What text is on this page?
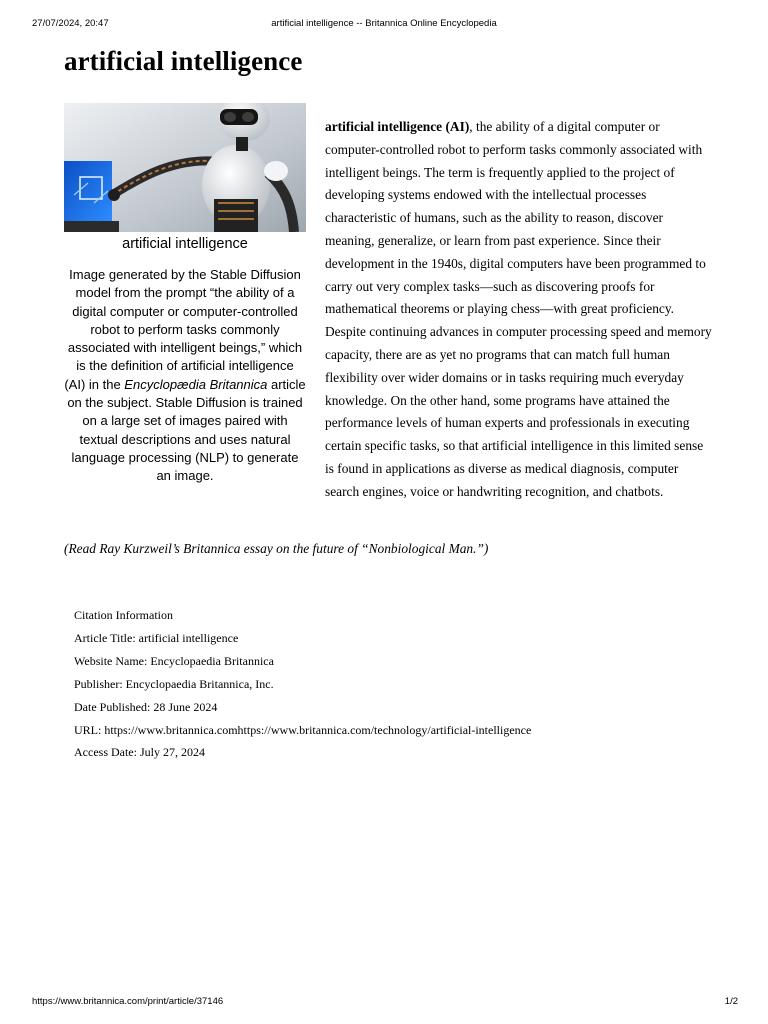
27/07/2024, 20:47	artificial intelligence -- Britannica Online Encyclopedia
artificial intelligence
artificial intelligence
Image generated by the Stable Diffusion model from the prompt “the ability of a digital computer or computer-controlled robot to perform tasks commonly associated with intelligent beings,” which is the definition of artificial intelligence (AI) in the Encyclopædia Britannica article on the subject. Stable Diffusion is trained on a large set of images paired with textual descriptions and uses natural language processing (NLP) to generate an image.
artificial intelligence (AI), the ability of a digital computer or computer-controlled robot to perform tasks commonly associated with intelligent beings. The term is frequently applied to the project of developing systems endowed with the intellectual processes characteristic of humans, such as the ability to reason, discover meaning, generalize, or learn from past experience. Since their development in the 1940s, digital computers have been programmed to carry out very complex tasks—such as discovering proofs for mathematical theorems or playing chess—with great proficiency. Despite continuing advances in computer processing speed and memory capacity, there are as yet no programs that can match full human flexibility over wider domains or in tasks requiring much everyday knowledge. On the other hand, some programs have attained the performance levels of human experts and professionals in executing certain specific tasks, so that artificial intelligence in this limited sense is found in applications as diverse as medical diagnosis, computer search engines, voice or handwriting recognition, and chatbots.
(Read Ray Kurzweil’s Britannica essay on the future of “Nonbiological Man.”)
Citation Information
Article Title: artificial intelligence
Website Name: Encyclopaedia Britannica
Publisher: Encyclopaedia Britannica, Inc.
Date Published: 28 June 2024
URL: https://www.britannica.comhttps://www.britannica.com/technology/artificial-intelligence
Access Date: July 27, 2024
https://www.britannica.com/print/article/37146	1/2
